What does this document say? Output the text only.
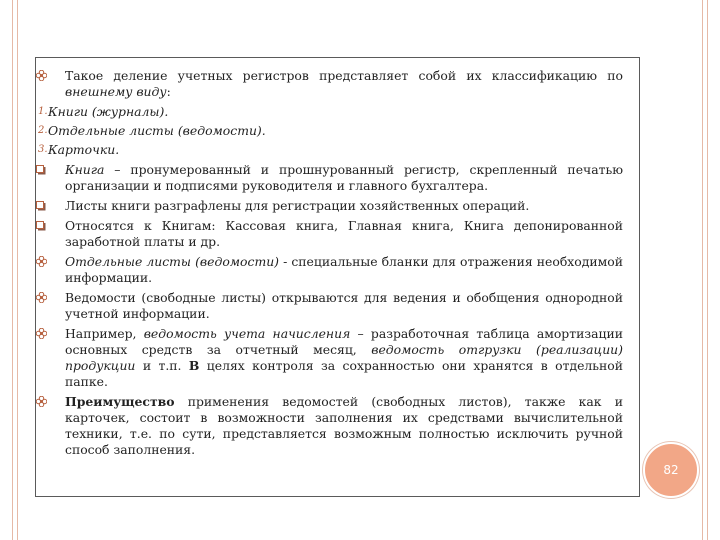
Такое деление учетных регистров представляет собой их классификацию по внешнему виду:

1. Книги (журналы).

2. Отдельные листы (ведомости).

3. Карточки.

Книга – пронумерованный и прошнурованный регистр, скрепленный печатью организации и подписями руководителя и главного бухгалтера.

Листы книги разграфлены для регистрации хозяйственных операций.

Относятся к Книгам: Кассовая книга, Главная книга, Книга депонированной заработной платы и др.

Отдельные листы (ведомости) - специальные бланки для отражения необходимой информации.

Ведомости (свободные листы) открываются для ведения и обобщения однородной учетной информации.

Например, ведомость учета начисления – разработочная таблица амортизации основных средств за отчетный месяц, ведомость отгрузки (реализации) продукции и т.п. В целях контроля за сохранностью они хранятся в отдельной папке.

Преимущество применения ведомостей (свободных листов), также как и карточек, состоит в возможности заполнения их средствами вычислительной техники, т.е. по сути, представляется возможным полностью исключить ручной способ заполнения.

82
